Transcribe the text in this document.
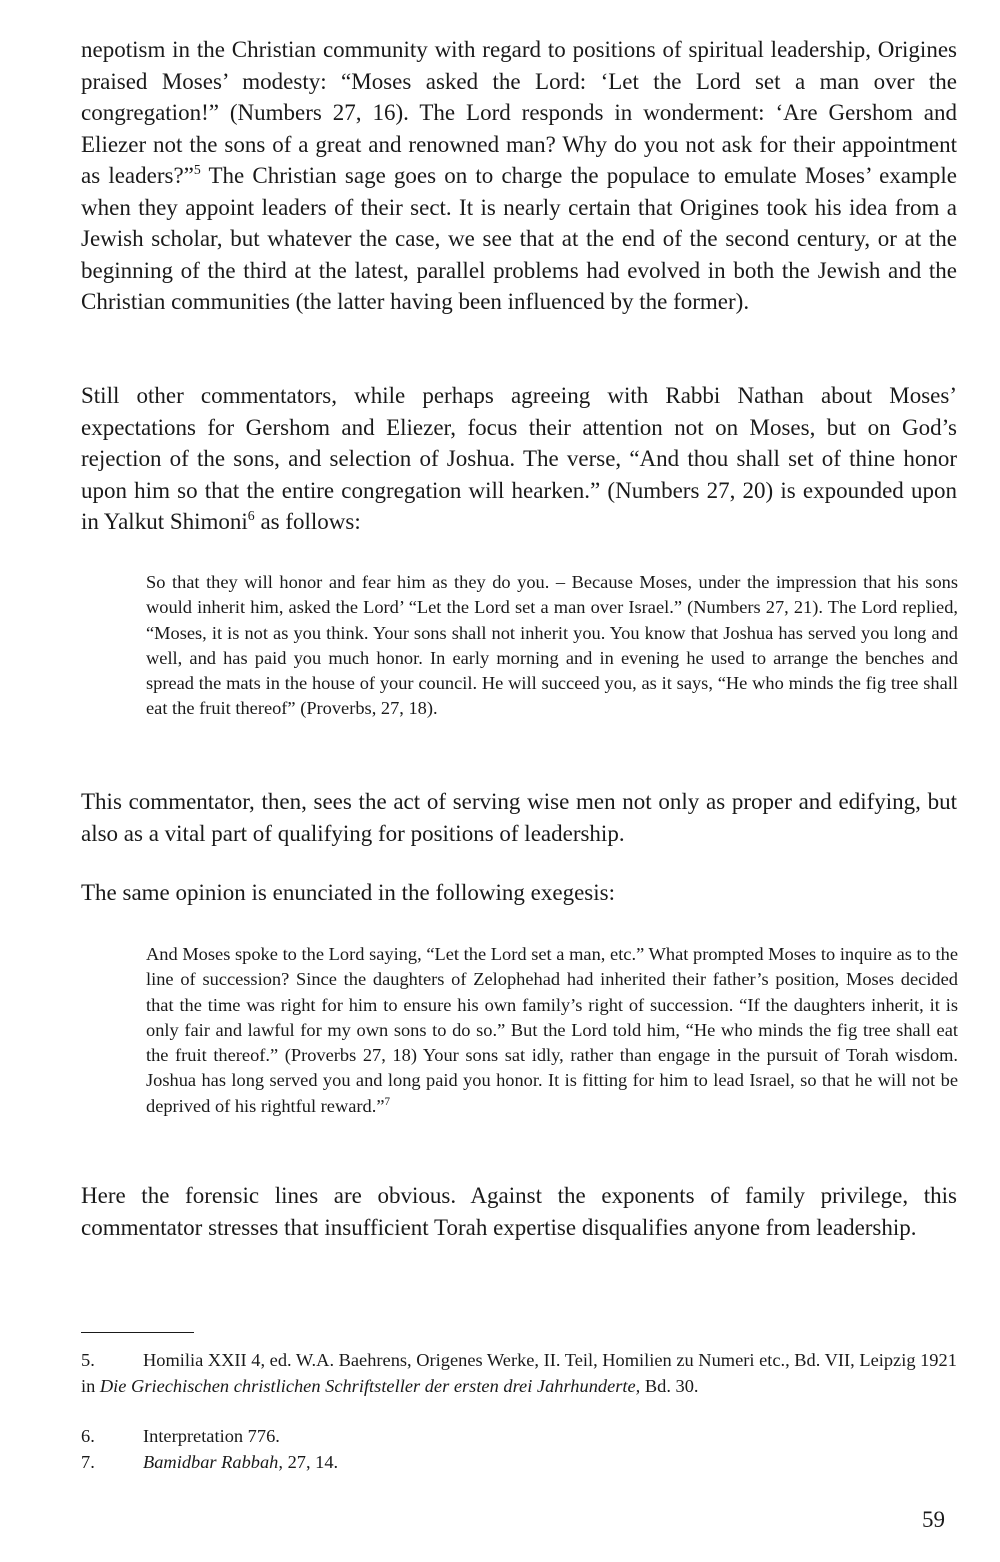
nepotism in the Christian community with regard to positions of spiritual leadership, Origines praised Moses’ modesty: “Moses asked the Lord: ‘Let the Lord set a man over the congregation!” (Numbers 27, 16). The Lord responds in wonderment: ‘Are Gershom and Eliezer not the sons of a great and renowned man? Why do you not ask for their appointment as leaders?”$^5$ The Christian sage goes on to charge the populace to emulate Moses’ example when they appoint leaders of their sect. It is nearly certain that Origines took his idea from a Jewish scholar, but whatever the case, we see that at the end of the second century, or at the beginning of the third at the latest, parallel problems had evolved in both the Jewish and the Christian communities (the latter having been influenced by the former).

Still other commentators, while perhaps agreeing with Rabbi Nathan about Moses’ expectations for Gershom and Eliezer, focus their attention not on Moses, but on God’s rejection of the sons, and selection of Joshua. The verse, “And thou shall set of thine honor upon him so that the entire congregation will hearken.” (Numbers 27, 20) is expounded upon in Yalkut Shimoni$^6$ as follows:

So that they will honor and fear him as they do you. – Because Moses, under the impression that his sons would inherit him, asked the Lord’ “Let the Lord set a man over Israel.” (Numbers 27, 21). The Lord replied, “Moses, it is not as you think. Your sons shall not inherit you. You know that Joshua has served you long and well, and has paid you much honor. In early morning and in evening he used to arrange the benches and spread the mats in the house of your council. He will succeed you, as it says, “He who minds the fig tree shall eat the fruit thereof” (Proverbs, 27, 18).

This commentator, then, sees the act of serving wise men not only as proper and edifying, but also as a vital part of qualifying for positions of leadership.

The same opinion is enunciated in the following exegesis:

And Moses spoke to the Lord saying, “Let the Lord set a man, etc.” What prompted Moses to inquire as to the line of succession? Since the daughters of Zelophehad had inherited their father’s position, Moses decided that the time was right for him to ensure his own family’s right of succession. “If the daughters inherit, it is only fair and lawful for my own sons to do so.” But the Lord told him, “He who minds the fig tree shall eat the fruit thereof.” (Proverbs 27, 18) Your sons sat idly, rather than engage in the pursuit of Torah wisdom. Joshua has long served you and long paid you honor. It is fitting for him to lead Israel, so that he will not be deprived of his rightful reward.”$^7$

Here the forensic lines are obvious. Against the exponents of family privilege, this commentator stresses that insufficient Torah expertise disqualifies anyone from leadership.

5.	Homilia XXII 4, ed. W.A. Baehrens, Origenes Werke, II. Teil, Homilien zu Numeri etc., Bd. VII, Leipzig 1921 in Die Griechischen christlichen Schriftsteller der ersten drei Jahrhunderte, Bd. 30.

6.	Interpretation 776.

7.	Bamidbar Rabbah, 27, 14.

59
